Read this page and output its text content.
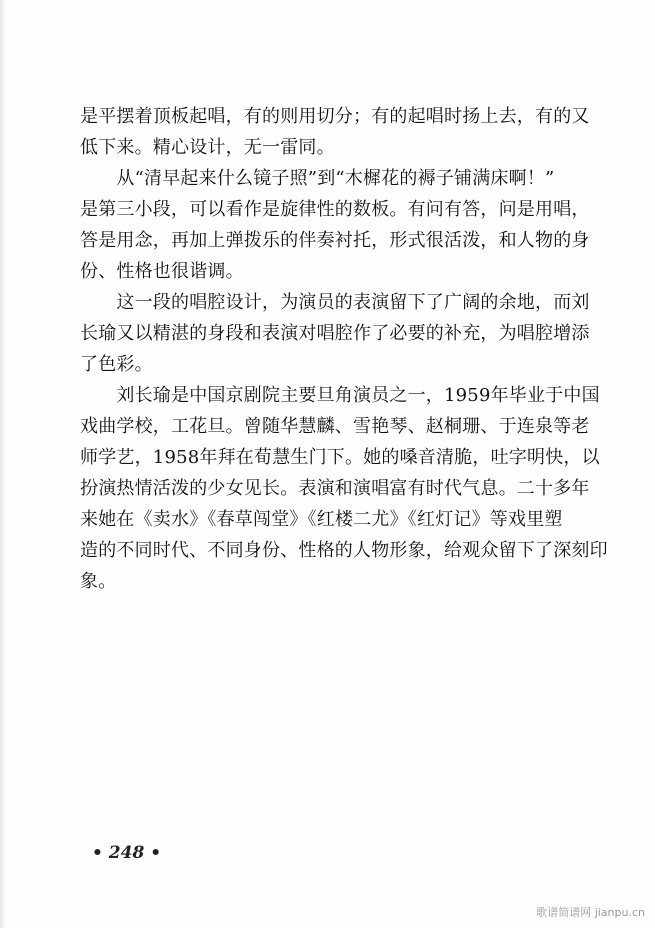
是平摆着顶板起唱，有的则用切分；有的起唱时扬上去，有的又
低下来。精心设计，无一雷同。

　　从“清早起来什么镜子照”到“木樨花的褥子铺满床啊！”
是第三小段，可以看作是旋律性的数板。有问有答，问是用唱，
答是用念，再加上弹拨乐的伴奏衬托，形式很活泼，和人物的身
份、性格也很谐调。

　　这一段的唱腔设计，为演员的表演留下了广阔的余地，而刘
长瑜又以精湛的身段和表演对唱腔作了必要的补充，为唱腔增添
了色彩。

　　刘长瑜是中国京剧院主要旦角演员之一，1959年毕业于中国
戏曲学校，工花旦。曾随华慧麟、雪艳琴、赵桐珊、于连泉等老
师学艺，1958年拜在荀慧生门下。她的嗓音清脆，吐字明快，以
扮演热情活泼的少女见长。表演和演唱富有时代气息。二十多年
来她在《卖水》《春草闯堂》《红楼二尤》《红灯记》等戏里塑
造的不同时代、不同身份、性格的人物形象，给观众留下了深刻印
象。

• 248 •
歌谱简谱网 jianpu.cn
